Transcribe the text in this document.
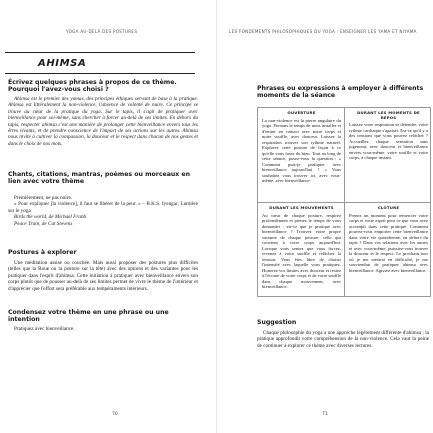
YOGA AU-DELÀ DES POSTURES
AHIMSA
Écrivez quelques phrases à propos de ce thème. Pourquoi l'avez-vous choisi ?

Ahimsa est le premier des yamas, des principes éthiques servant de base à la pratique. Ahimsa est littéralement la non-violence, l'absence de volonté de nuire. Ce principe se trouve au cœur de la pratique du yoga. Sur le tapis, il s'agit de pratiquer avec bienveillance pour soi-même, sans chercher à forcer au-delà de ses limites. En dehors du tapis, respecter ahimsa c'est une manière de prolonger cette bienveillance envers tous les êtres vivants, et de prendre conscience de l'impact de ses actions sur les autres. Ahimsa nous invite à cultiver la compassion, la douceur et le respect dans chacun de nos gestes et dans le choix de nos mots.

Chants, citations, mantras, poèmes ou morceaux en lien avec votre thème

Premièrement, ne pas nuire.

« Pour expliquer [la violence], il faut se libérer de la peur. » – B.K.S. Iyengar, Lumière sur le yoga

Birds the world, de Michael Franti

Peace Train, de Cat Stevens

Postures à explorer

Une méditation assise ou couchée. Mais aussi proposer des postures plus difficiles (telles que la Roue ou la posture sur la tête) avec des options et des variantes pour les pratiquer dans l'esprit d'ahimsa. Cette initiation à pratiquer avec bienveillance envers son corps plutôt que de pousser au-delà de ses limites permet de vivre le thème de l'intérieur et d'apprécier que l'effort sera préférable aux tempéraments intérieurs.

Condensez votre thème en une phrase ou une intention

Pratiquez avec bienveillance.

70
LES FONDEMENTS PHILOSOPHIQUES DU YOGA : ENSEIGNER LES YAMA ET NIYAMA
Phrases ou expressions à employer à différents moments de la séance
OUVERTURE
La non-violence est la pierre angulaire du yoga. Prenons le temps de nous installer et d'entrer en contact avec notre corps et notre souffle, avec douceur. Laissez la respiration trouver son rythme naturel. Explorez cette posture de façon à ce qu'elle vous fasse du bien. Tout au long de cette séance, posez-vous la question : « Comment puis-je pratiquer avec bienveillance aujourd'hui ? » Vous souhaitez vous trouver ici, avec vous-même, avec bienveillance.
DURANT LES MOMENTS DE REPOS
Laissez votre respiration se détendre, votre rythme cardiaque s'apaiser. Est-ce qu'il y a des tensions que vous pouvez relâcher ? Accueillez chaque sensation sans jugement, avec douceur et bienveillance envers vous-même, votre souffle et votre corps, à chaque instant.
DURANT LES MOUVEMENTS
Au cœur de chaque posture, respirez profondément et prenez le temps de vous demander : est-ce que je pratique avec bienveillance ? Trouvez votre propre variante de chaque posture, celle qui convient à votre corps aujourd'hui. Lorsque vous sentez que vous forcez, revenez à votre souffle et relâchez la tension. Vous êtes libre de choisir l'intensité avec laquelle vous pratiquez. Honorez vos limites avec douceur et restez à l'écoute de votre corps et de votre souffle dans chaque mouvement, avec bienveillance.
CLÔTURE
Prenez un moment pour remercier votre corps et votre esprit pour ce que vous avez accompli dans cette pratique. Comment pouvez-vous emporter cette bienveillance dans votre vie quotidienne, en dehors du tapis ? Dans vos relations avec les autres et avec vous-même, puissiez-vous trouver la douceur et le respect. Le prochain tour où je me sentirai en difficulté, je me souviendrai de pratiquer ahimsa avec bienveillance. Agissez avec bienveillance.
Suggestion

Chaque philosophie du yoga a une approche légèrement différente d'ahimsa ; la pratique approfondit votre compréhension de la non-violence. Cela vaut la peine de continuer à explorer ce thème avec diverses lectures.

71
